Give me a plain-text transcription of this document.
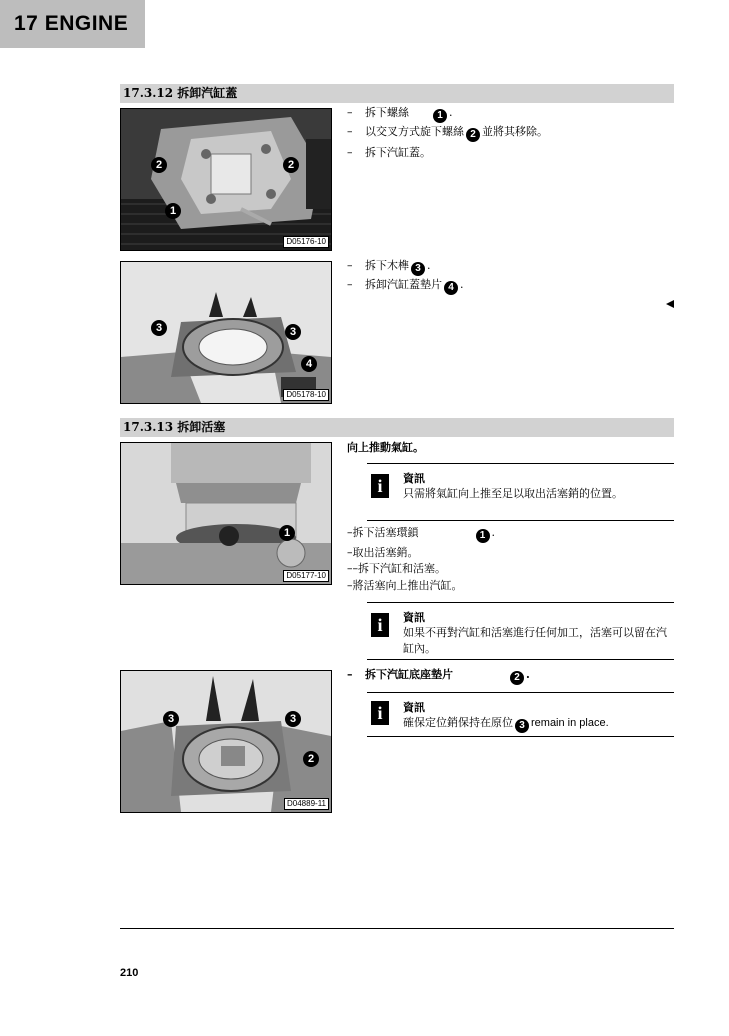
17 ENGINE
17.3.12 拆卸汽缸蓋
2	2
1
D05176-10
– 拆下螺絲  	1 .
– 以交叉方式旋下螺絲 2 並將其移除。
– 拆下汽缸蓋。
3	3
4
D05178-10
– 拆下木榫 3 .
– 拆卸汽缸蓋墊片 4 .
17.3.13 拆卸活塞
1
D05177-10
向上推動氣缸。
i	資訊
只需將氣缸向上推至足以取出活塞銷的位置。
–拆下活塞環鎖     	1 .
–取出活塞銷。
––拆下汽缸和活塞。
–將活塞向上推出汽缸。
i	資訊
如果不再對汽缸和活塞進行任何加工，活塞可以留在汽缸內。
3	3
2
D04889-11
– 拆下汽缸底座墊片     	2 .
i	資訊
確保定位銷保持在原位 3 remain in place.
210
